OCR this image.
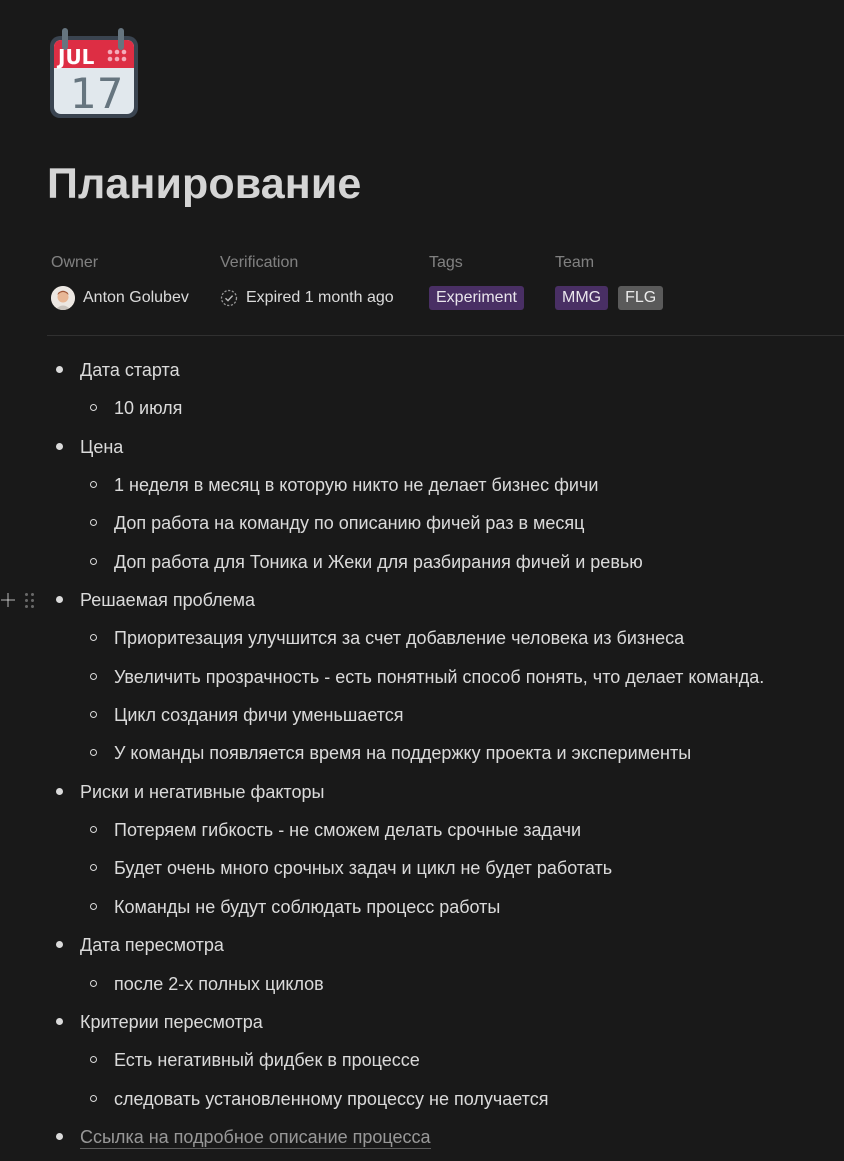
JUL
17
Планирование
Owner
Anton Golubev
Verification
Expired 1 month ago
Tags
Experiment
Team
MMG	FLG
Дата старта
10 июля
Цена
1 неделя в месяц в которую никто не делает бизнес фичи
Доп работа на команду по описанию фичей раз в месяц
Доп работа для Тоника и Жеки для разбирания фичей и ревью
Решаемая проблема
Приоритезация улучшится за счет добавление человека из бизнеса
Увеличить прозрачность - есть понятный способ понять, что делает команда.
Цикл создания фичи уменьшается
У команды появляется время на поддержку проекта и эксперименты
Риски и негативные факторы
Потеряем гибкость - не сможем делать срочные задачи
Будет очень много срочных задач и цикл не будет работать
Команды не будут соблюдать процесс работы
Дата пересмотра
после 2-х полных циклов
Критерии пересмотра
Есть негативный фидбек в процессе
следовать установленному процессу не получается
Ссылка на подробное описание процесса
